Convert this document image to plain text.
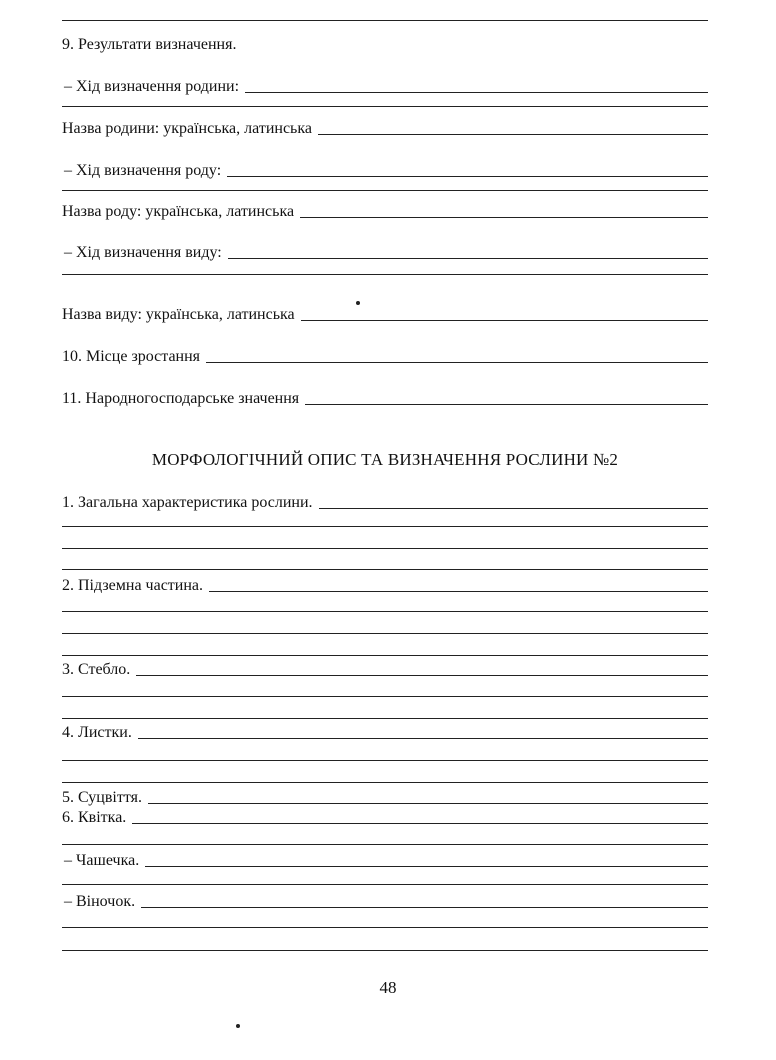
9. Результати визначення.
– Хід визначення родини:
Назва родини: українська, латинська
– Хід визначення роду:
Назва роду: українська, латинська
– Хід визначення виду:
Назва виду: українська, латинська
10. Місце зростання
11. Народногосподарське значення
МОРФОЛОГІЧНИЙ ОПИС ТА ВИЗНАЧЕННЯ РОСЛИНИ №2
1. Загальна характеристика рослини.
2. Підземна частина.
3. Стебло.
4. Листки.
5. Суцвіття.
6. Квітка.
– Чашечка.
– Віночок.
48
